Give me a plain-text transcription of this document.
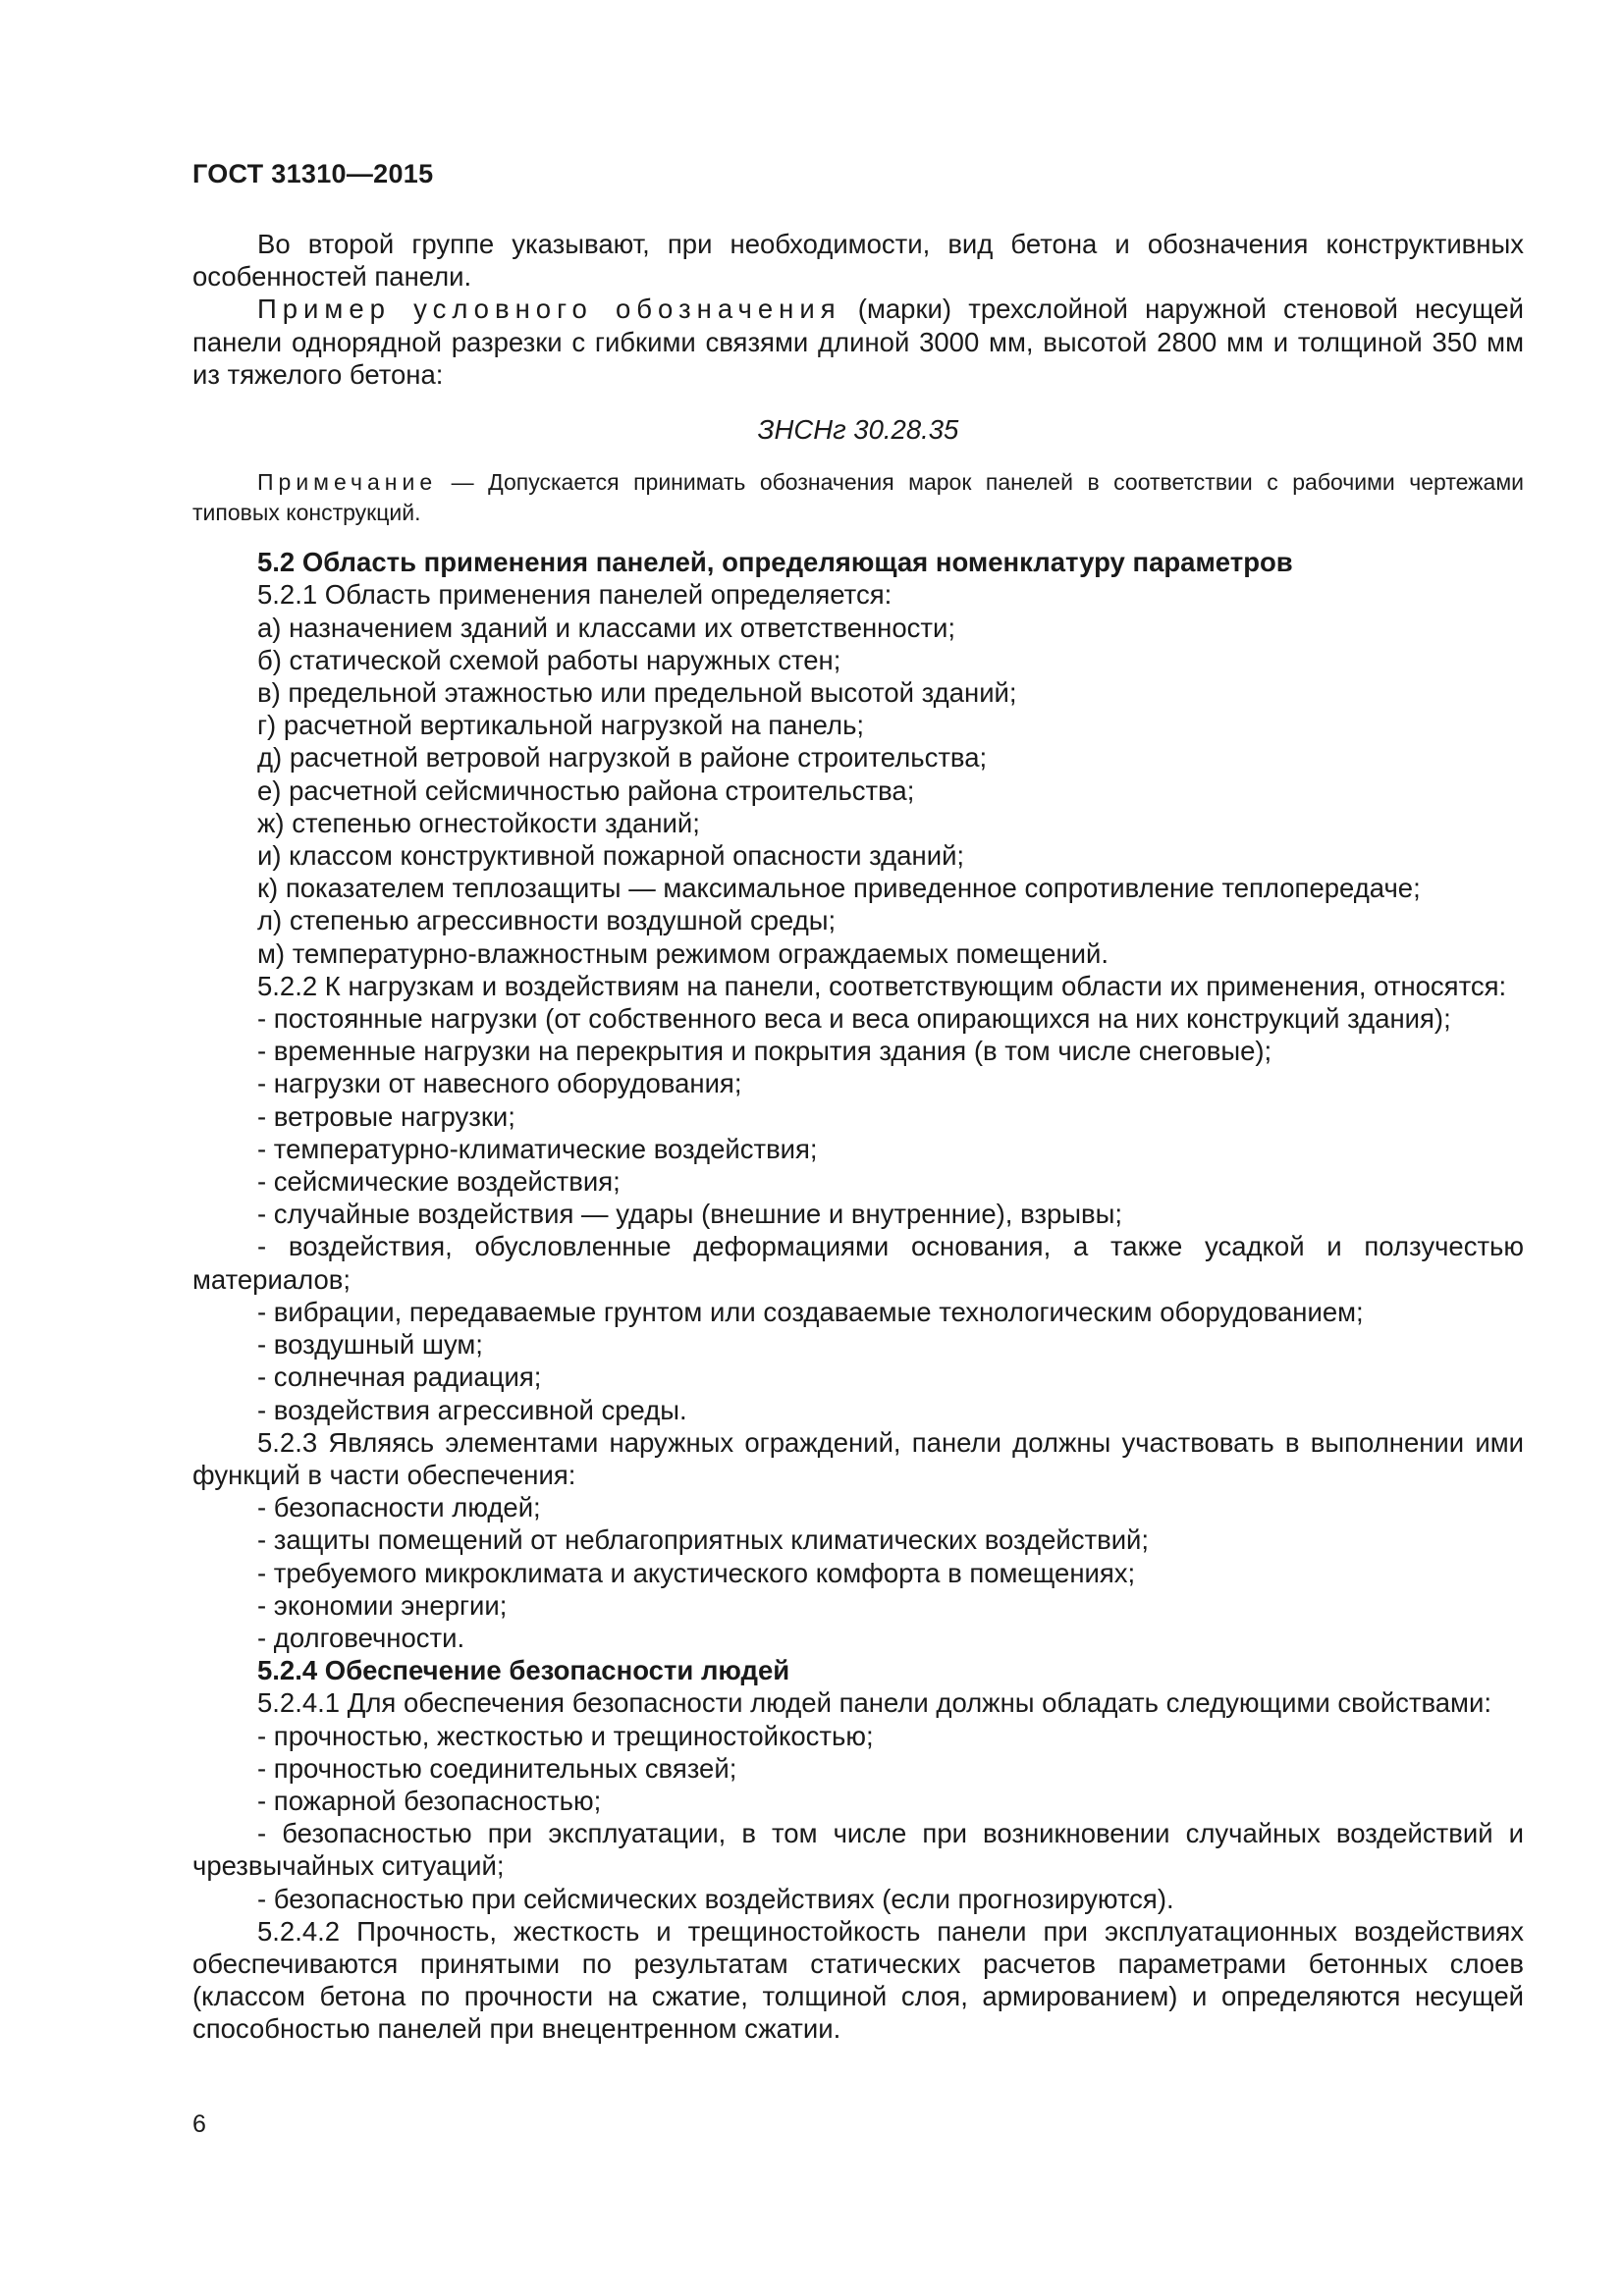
ГОСТ 31310—2015

Во второй группе указывают, при необходимости, вид бетона и обозначения конструктивных особенностей панели.

Пример условного обозначения (марки) трехслойной наружной стеновой несущей панели однорядной разрезки с гибкими связями длиной 3000 мм, высотой 2800 мм и толщиной 350 мм из тяжелого бетона:

ЗНСНг 30.28.35

Примечание — Допускается принимать обозначения марок панелей в соответствии с рабочими чертежами типовых конструкций.

5.2 Область применения панелей, определяющая номенклатуру параметров

5.2.1 Область применения панелей определяется:

а) назначением зданий и классами их ответственности;

б) статической схемой работы наружных стен;

в) предельной этажностью или предельной высотой зданий;

г) расчетной вертикальной нагрузкой на панель;

д) расчетной ветровой нагрузкой в районе строительства;

е) расчетной сейсмичностью района строительства;

ж) степенью огнестойкости зданий;

и) классом конструктивной пожарной опасности зданий;

к) показателем теплозащиты — максимальное приведенное сопротивление теплопередаче;

л) степенью агрессивности воздушной среды;

м) температурно-влажностным режимом ограждаемых помещений.

5.2.2 К нагрузкам и воздействиям на панели, соответствующим области их применения, относятся:

- постоянные нагрузки (от собственного веса и веса опирающихся на них конструкций здания);

- временные нагрузки на перекрытия и покрытия здания (в том числе снеговые);

- нагрузки от навесного оборудования;

- ветровые нагрузки;

- температурно-климатические воздействия;

- сейсмические воздействия;

- случайные воздействия — удары (внешние и внутренние), взрывы;

- воздействия, обусловленные деформациями основания, а также усадкой и ползучестью материалов;

- вибрации, передаваемые грунтом или создаваемые технологическим оборудованием;

- воздушный шум;

- солнечная радиация;

- воздействия агрессивной среды.

5.2.3 Являясь элементами наружных ограждений, панели должны участвовать в выполнении ими функций в части обеспечения:

- безопасности людей;

- защиты помещений от неблагоприятных климатических воздействий;

- требуемого микроклимата и акустического комфорта в помещениях;

- экономии энергии;

- долговечности.

5.2.4 Обеспечение безопасности людей

5.2.4.1 Для обеспечения безопасности людей панели должны обладать следующими свойствами:

- прочностью, жесткостью и трещиностойкостью;

- прочностью соединительных связей;

- пожарной безопасностью;

- безопасностью при эксплуатации, в том числе при возникновении случайных воздействий и чрезвычайных ситуаций;

- безопасностью при сейсмических воздействиях (если прогнозируются).

5.2.4.2 Прочность, жесткость и трещиностойкость панели при эксплуатационных воздействиях обеспечиваются принятыми по результатам статических расчетов параметрами бетонных слоев (классом бетона по прочности на сжатие, толщиной слоя, армированием) и определяются несущей способностью панелей при внецентренном сжатии.

6
